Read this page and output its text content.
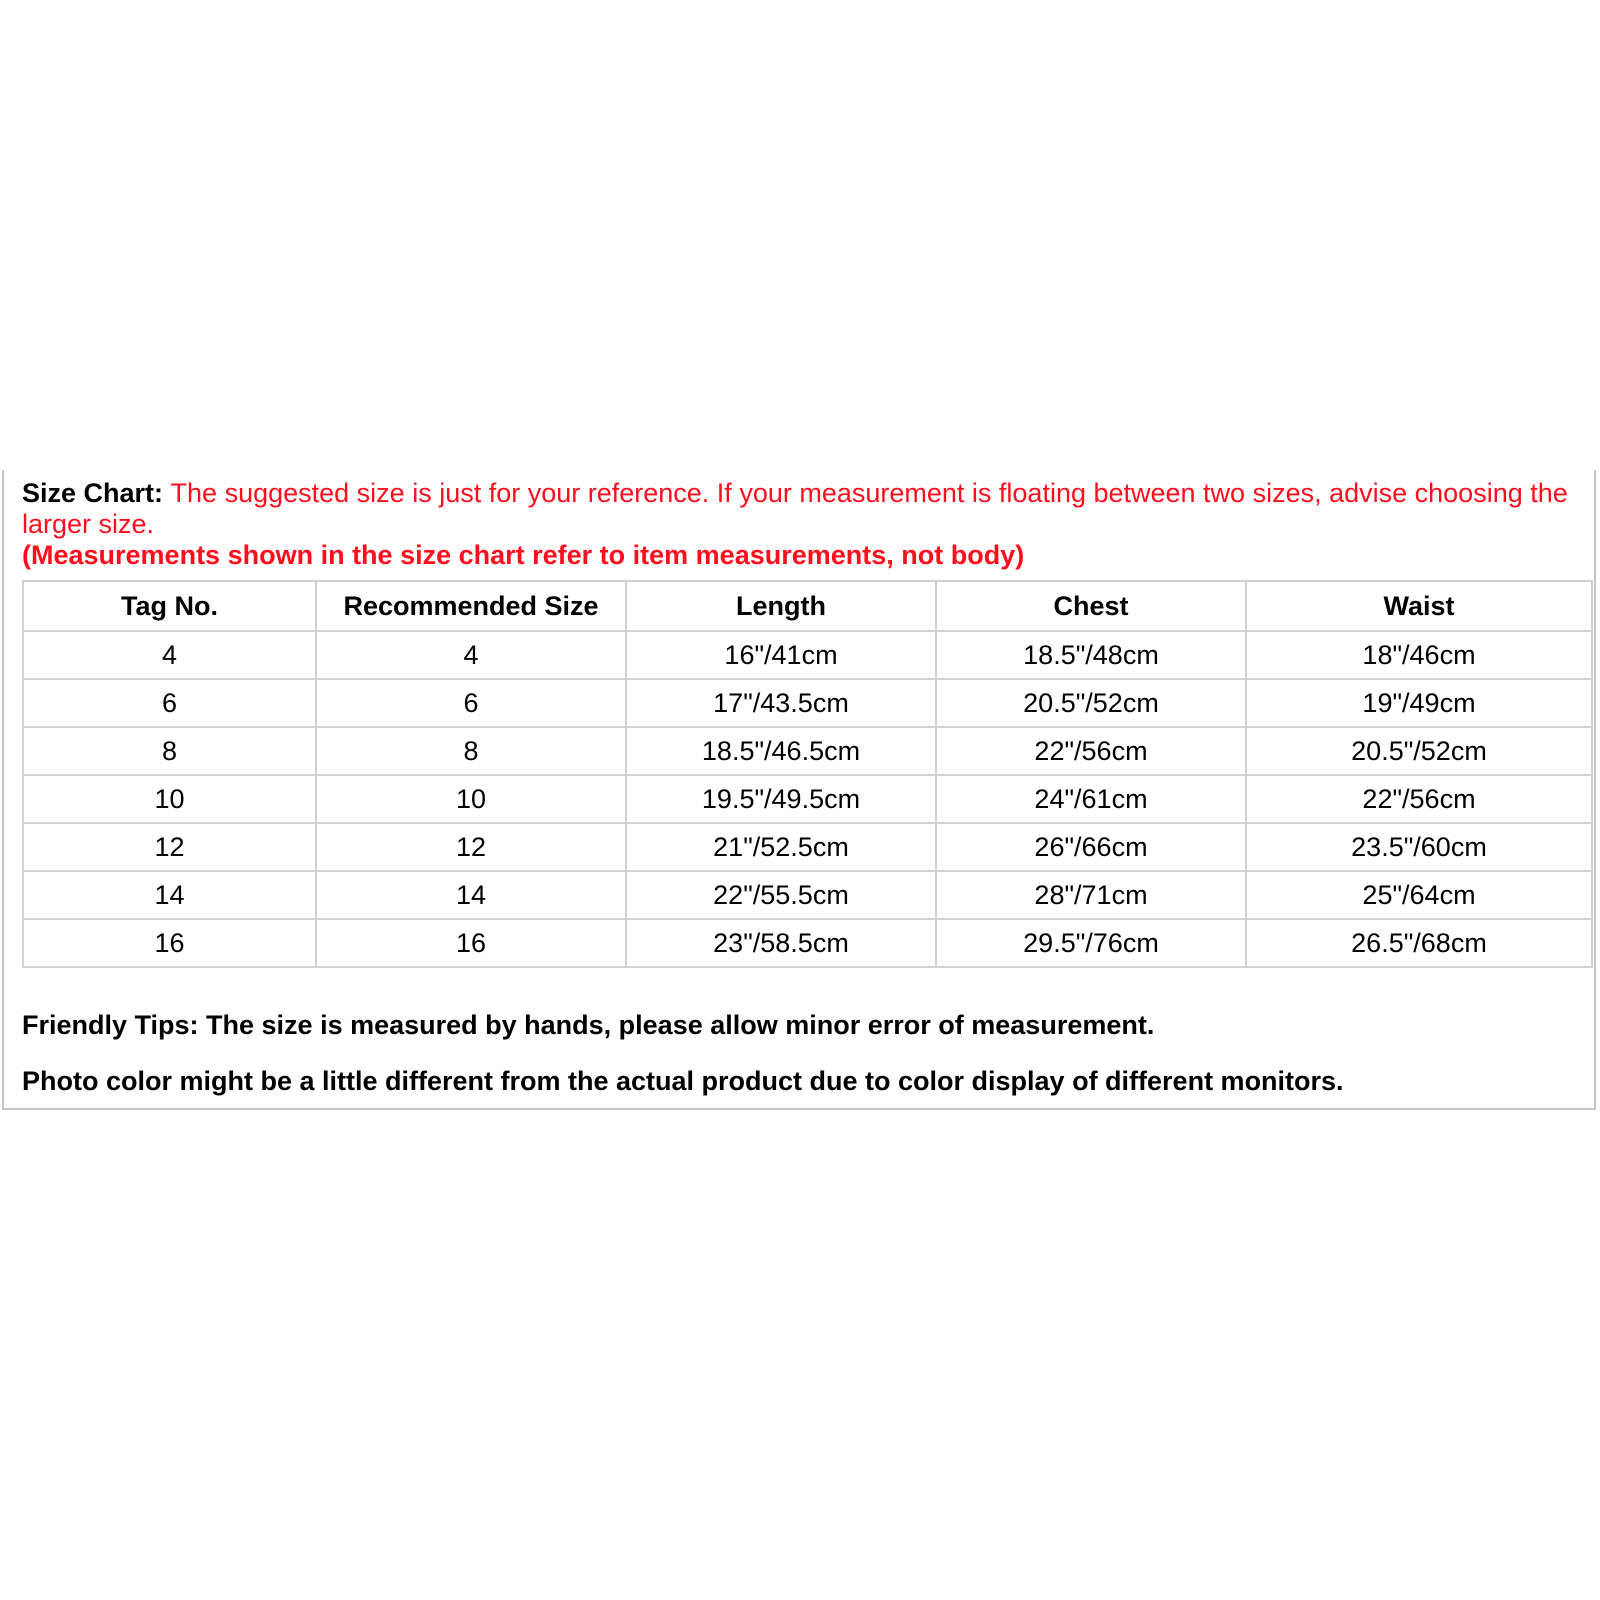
Size Chart: The suggested size is just for your reference. If your measurement is floating between two sizes, advise choosing the larger size.

(Measurements shown in the size chart refer to item measurements, not body)

Tag No.	Recommended Size	Length	Chest	Waist
4	4	16"/41cm	18.5"/48cm	18"/46cm
6	6	17"/43.5cm	20.5"/52cm	19"/49cm
8	8	18.5"/46.5cm	22"/56cm	20.5"/52cm
10	10	19.5"/49.5cm	24"/61cm	22"/56cm
12	12	21"/52.5cm	26"/66cm	23.5"/60cm
14	14	22"/55.5cm	28"/71cm	25"/64cm
16	16	23"/58.5cm	29.5"/76cm	26.5"/68cm

Friendly Tips: The size is measured by hands, please allow minor error of measurement.

Photo color might be a little different from the actual product due to color display of different monitors.
